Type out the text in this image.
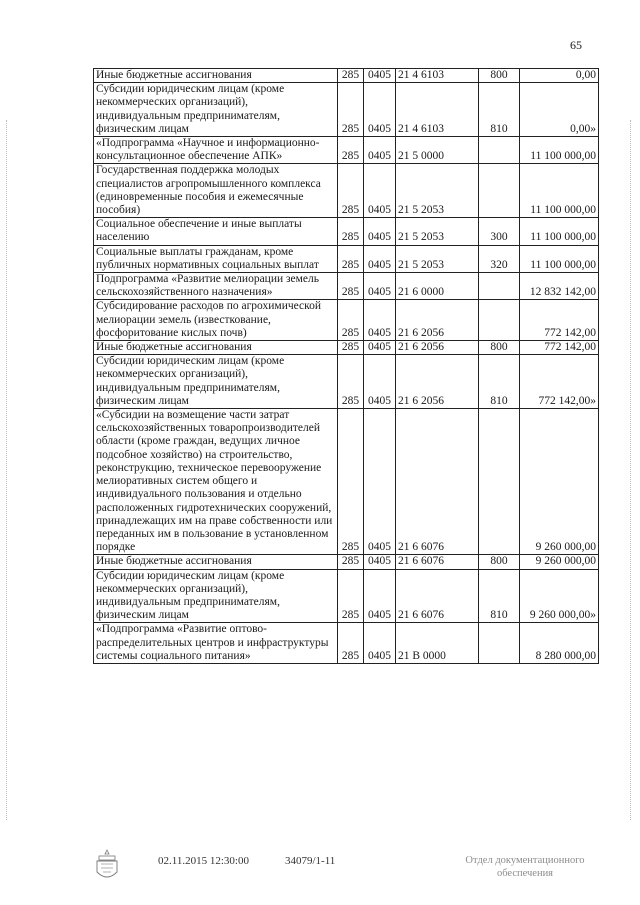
65
Иные бюджетные ассигнования	285	0405	21 4 6103	800	0,00
Субсидии юридическим лицам (кроме некоммерческих организаций), индивидуальным предпринимателям, физическим лицам	285	0405	21 4 6103	810	0,00»
«Подпрограмма «Научное и информационно-консультационное обеспечение АПК»	285	0405	21 5 0000		11 100 000,00
Государственная поддержка молодых специалистов агропромышленного комплекса (единовременные пособия и ежемесячные пособия)	285	0405	21 5 2053		11 100 000,00
Социальное обеспечение и иные выплаты населению	285	0405	21 5 2053	300	11 100 000,00
Социальные выплаты гражданам, кроме публичных нормативных социальных выплат	285	0405	21 5 2053	320	11 100 000,00
Подпрограмма «Развитие мелиорации земель сельскохозяйственного назначения»	285	0405	21 6 0000		12 832 142,00
Субсидирование расходов по агрохимической мелиорации земель (известкование, фосфоритование кислых почв)	285	0405	21 6 2056		772 142,00
Иные бюджетные ассигнования	285	0405	21 6 2056	800	772 142,00
Субсидии юридическим лицам (кроме некоммерческих организаций), индивидуальным предпринимателям, физическим лицам	285	0405	21 6 2056	810	772 142,00»
«Субсидии на возмещение части затрат сельскохозяйственных товаропроизводителей области (кроме граждан, ведущих личное подсобное хозяйство) на строительство, реконструкцию, техническое перевооружение мелиоративных систем общего и индивидуального пользования и отдельно расположенных гидротехнических сооружений, принадлежащих им на праве собственности или переданных им в пользование в установленном порядке	285	0405	21 6 6076		9 260 000,00
Иные бюджетные ассигнования	285	0405	21 6 6076	800	9 260 000,00
Субсидии юридическим лицам (кроме некоммерческих организаций), индивидуальным предпринимателям, физическим лицам	285	0405	21 6 6076	810	9 260 000,00»
«Подпрограмма «Развитие оптово-распределительных центров и инфраструктуры системы социального питания»	285	0405	21 В 0000		8 280 000,00
02.11.2015 12:30:00	34079/1-11	Отдел документационного
обеспечения
